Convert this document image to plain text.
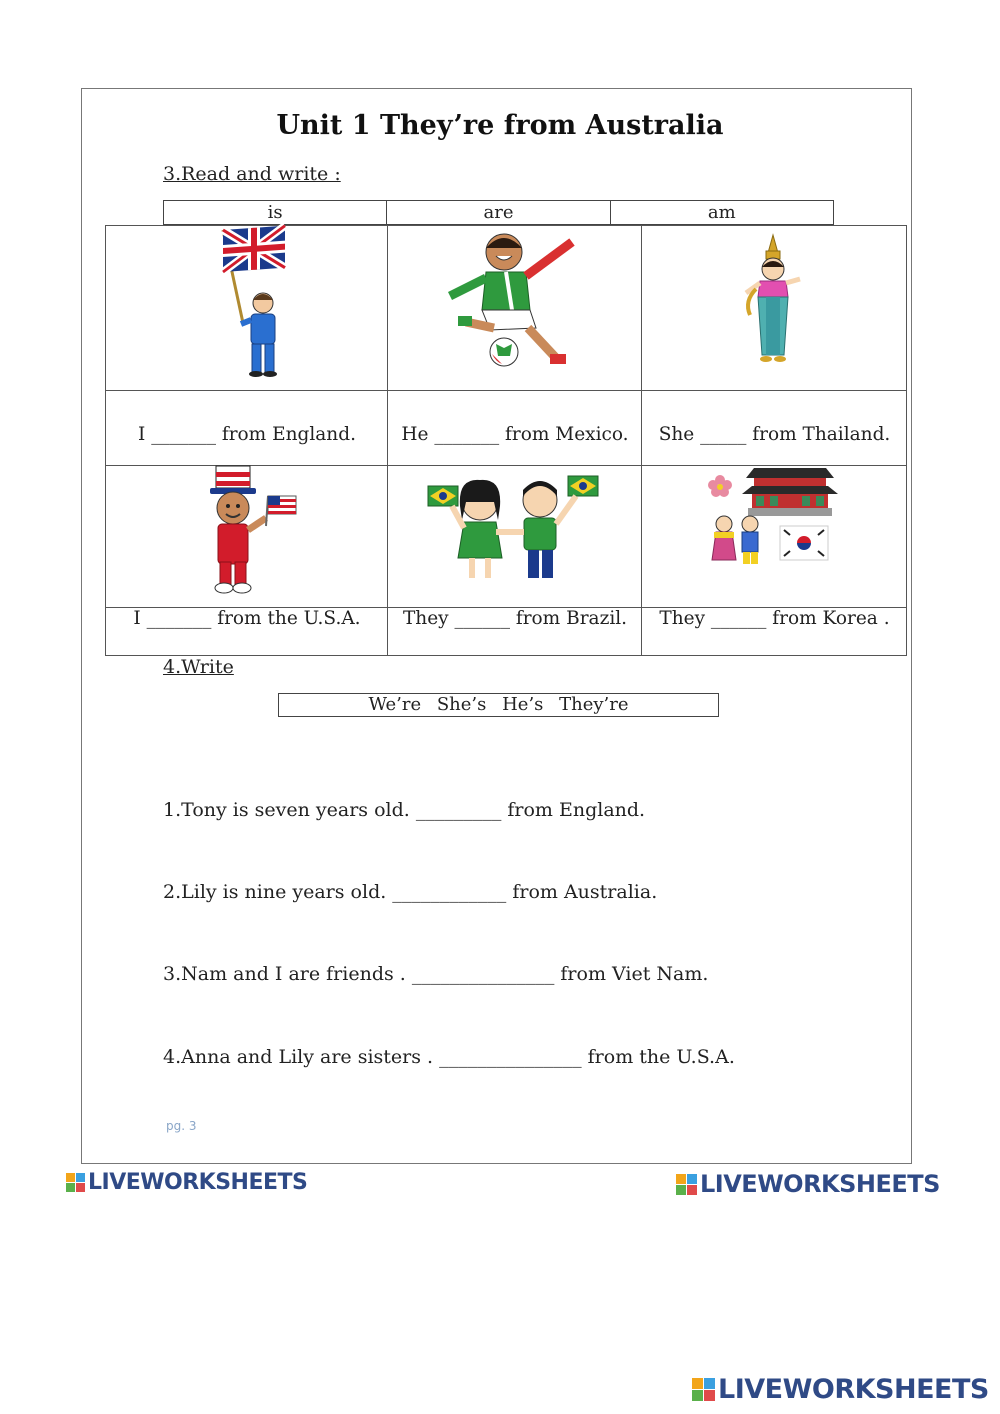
Unit 1 They’re from Australia
3.Read and write :
is	are	am
I _______ from England.	He _______ from Mexico.	She _____ from Thailand.
I _______ from the U.S.A.	They ______ from Brazil.	They ______ from Korea .
4.Write
We’re She’s He’s They’re
1.Tony is seven years old. _________ from England.
2.Lily is nine years old. ____________ from Australia.
3.Nam and I are friends . _______________ from Viet Nam.
4.Anna and Lily are sisters . _______________ from the U.S.A.
pg. 3
LIVEWORKSHEETS	LIVEWORKSHEETS
LIVEWORKSHEETS
